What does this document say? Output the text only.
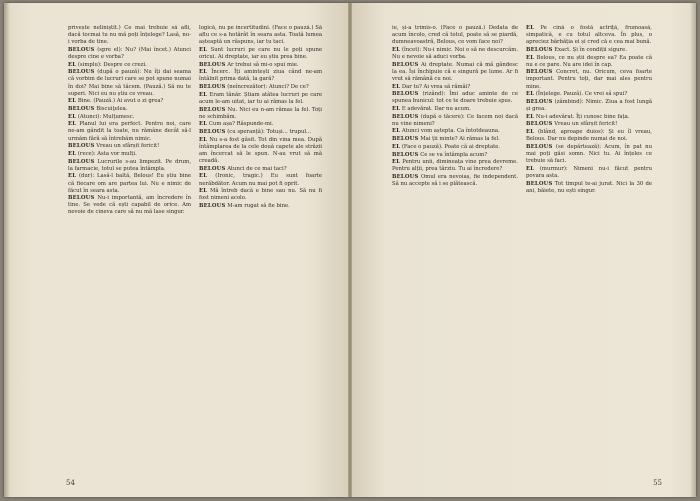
privește neliniștit.) Ce mai trebuie să afli, dacă tocmai tu nu mă poți înțelege? Lasă, nu-i vorba de tine.

BELOUS (spre el): Nu? (Mai încet.) Atunci despre cine e vorba?

EL (simplu): Despre ce crezi.

BELOUS (după o pauză): Nu îți dai seama că vorbim de lucruri care se pot spune numai în doi? Mai bine să tăcem. (Pauză.) Să nu te superi. Nici eu nu știu ce vreau.

EL Bine. (Pauză.) Ai avut o zi grea?

BELOUS Biscuiţelea.

EL (Atunci): Mulțumesc.

EL Planul lui era perfect. Pentru noi, care ne-am gândit la toate, nu rămâne decât să-l urmăm fără să întrebăm nimic.

BELOUS Vreau un sfârșit fericit!

EL (rece): Asta vor mulți.

BELOUS Lucrurile s-au limpezit. Pe drum, la farmacie, totul se putea întâmpla.

EL (dur): Lasă-l baltă, Belous! Eu știu bine că fiecare om are partea lui. Nu e nimic de făcut în seara asta.

BELOUS Nu-i importantă, am încredere în tine. Se vede că ești capabil de orice. Am nevoie de cineva care să nu mă lase singur.

logică, nu pe incertitudini. (Face o pauză.) Să aflu ce s-a hotărât în seara asta. Toată lumea așteaptă un răspuns, iar tu taci.

EL Sunt lucruri pe care nu le poți spune oricui. Ai dreptate, iar eu știu prea bine.

BELOUS Ar trebui să mi-o spui mie.

EL Încerc. Îți amintești ziua când ne-am întâlnit prima dată, la gară?

BELOUS (neîncrezător): Atunci? De ce?

EL Eram tânăr. Știam atâtea lucruri pe care acum le-am uitat, iar tu ai rămas la fel.

BELOUS Nu. Nici eu n-am rămas la fel. Toți ne schimbăm.

EL Cum așa? Răspunde-mi.

BELOUS (cu speranță): Totuși... trupul...

EL Nu s-a fost găsit. Tot din vina mea. După întâmplarea de la cele două capete ale străzii am încercat să le spun. N-au vrut să mă creadă.

BELOUS Atunci de ce mai taci?

EL (Ironic, tragic.) Eu sunt foarte nerăbdător. Acum nu mai pot fi oprit.

EL Mă întreb dacă e bine sau nu. Să nu fi fost nimeni acolo.

BELOUS M-am rugat să fie bine.

54

ie, și-a trimis-o. (Face o pauză.) Dedata de acum încolo, cred că totul, poate să se piardă, dumneavoastră, Belous, ce vom face noi?

EL (încet): Nu-i nimic. Noi o să ne descurcăm. Nu e nevoie să aduci vorba.

BELOUS Ai dreptate. Numai că mă gândesc la ea. Își închipuie că e singură pe lume. Ar fi vrut să rămână cu noi.

EL Dar tu? Ai vrea să rămâi?

BELOUS (rizând): Îmi aduc aminte de ce spunea bunicul: tot ce te doare trebuie spus.

EL E adevărat. Dar nu acum.

BELOUS (după o tăcere): Ce facem noi dacă nu vine nimeni?

EL Atunci vom aștepta. Ca întotdeauna.

BELOUS Mai ții minte? Ai rămas la fel.

EL (Face o pauză). Poate că ai dreptate.

BELOUS Ce se va întâmpla acum?

EL Pentru unii, dimineața vine prea devreme. Pentru alții, prea târziu. Tu ai încredere?

BELOUS Omul era nevoiaș, fie independent. Să nu accepte să i se plătească.

EL Pe cină o fostă actriță, frumoasă, simpatică, e cu totul altceva. În plus, o apreciez bărbăția ei și cred că e cea mai bună.

BELOUS Exact. Și în condiții sigure.

EL Belous, ce nu știi despre ea? Ea poate că nu e ce pare. Nu are idei în cap.

BELOUS Concret, nu. Oricum, ceva foarte important. Pentru toți, dar mai ales pentru mine.

EL (Înțelege. Pauză). Ce vrei să spui?

BELOUS (zâmbind): Nimic. Ziua a fost lungă și grea.

EL Nu-i adevărat. Îți cunosc bine fața.

BELOUS Vreau un sfârșit fericit!

EL (blând, aproape duios): Și eu îl vreau, Belous. Dar nu depinde numai de noi.

BELOUS (se depărtează): Acum, în pat nu mai poți găsi somn. Nici tu. Ai înțeles ce trebuie să faci.

EL (murmur): Nimeni nu-i făcut pentru povara asta.

BELOUS Tot timpul te-ai jurat. Nici la 30 de ani, băiete, nu ești singur.

55
